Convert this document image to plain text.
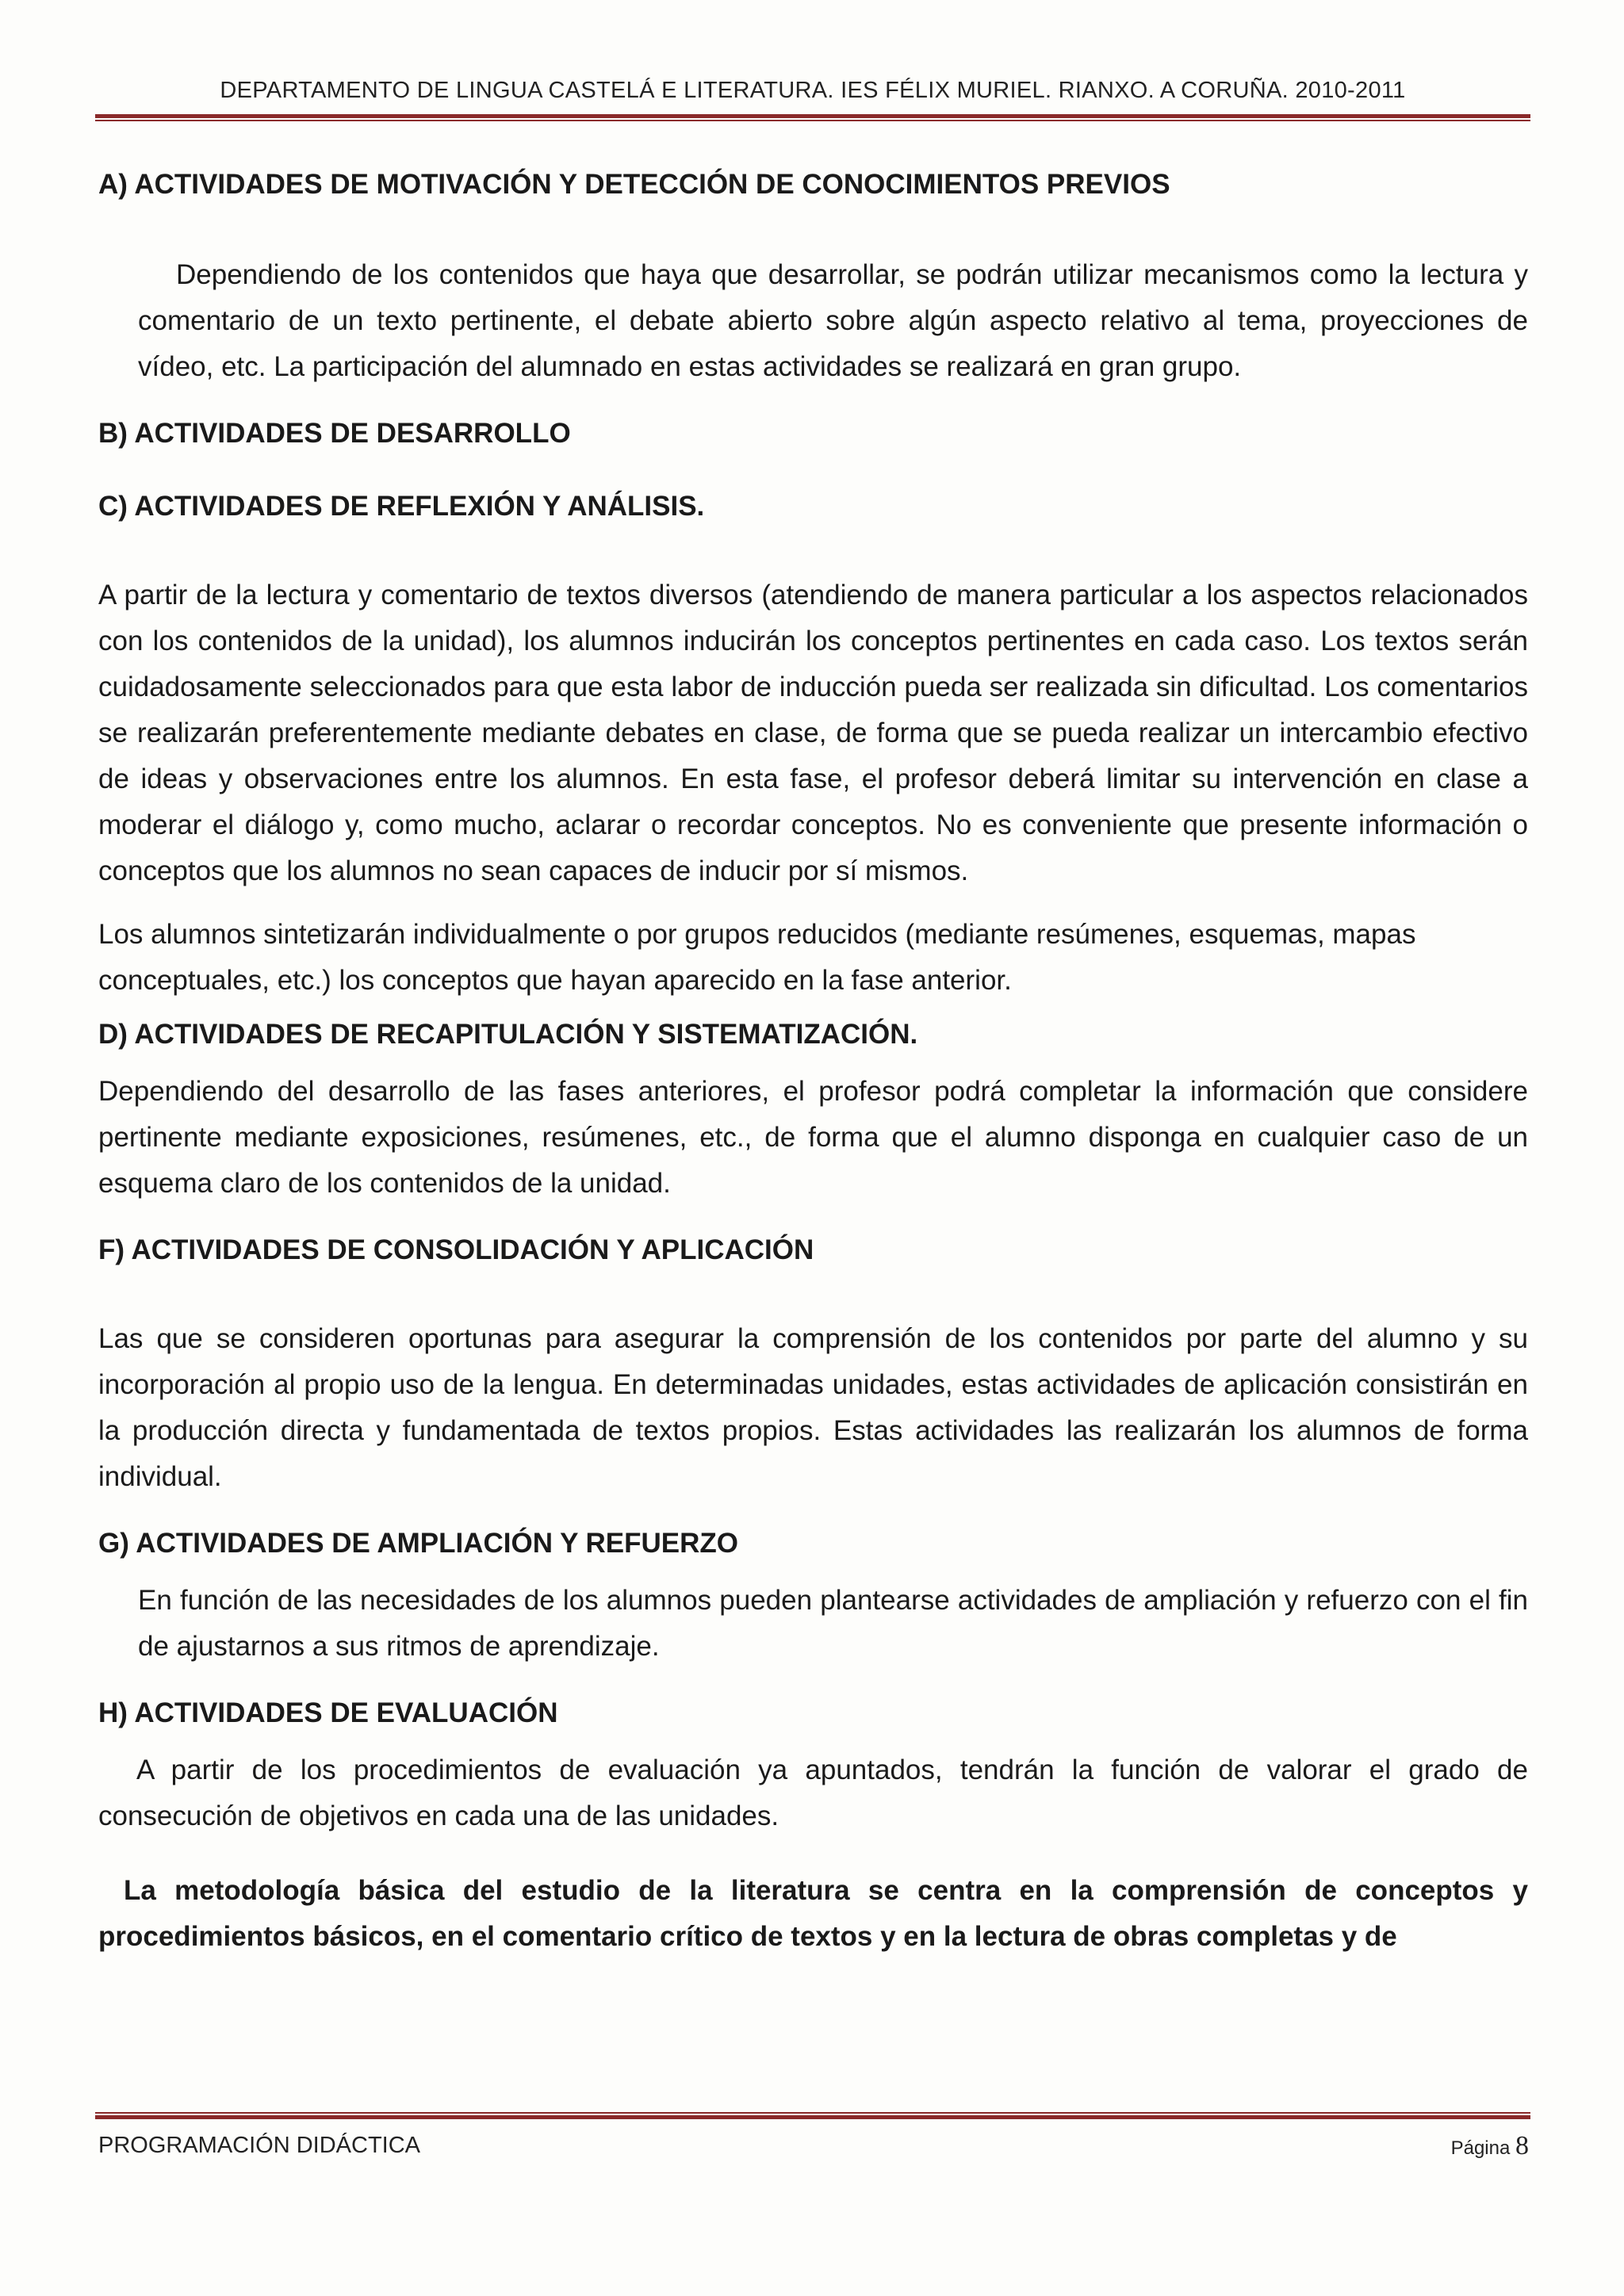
DEPARTAMENTO DE LINGUA CASTELÁ E LITERATURA. IES FÉLIX MURIEL. RIANXO. A CORUÑA. 2010-2011
A) ACTIVIDADES DE MOTIVACIÓN Y DETECCIÓN DE CONOCIMIENTOS PREVIOS

Dependiendo de los contenidos que haya que desarrollar, se podrán utilizar mecanismos como la lectura y comentario de un texto pertinente, el debate abierto sobre algún aspecto relativo al tema, proyecciones de vídeo, etc. La participación del alumnado en estas actividades se realizará en gran grupo.

B) ACTIVIDADES DE DESARROLLO
C) ACTIVIDADES DE REFLEXIÓN Y ANÁLISIS.

A partir de la lectura y comentario de textos diversos (atendiendo de manera particular a los aspectos relacionados con los contenidos de la unidad), los alumnos inducirán los conceptos pertinentes en cada caso. Los textos serán cuidadosamente seleccionados para que esta labor de inducción pueda ser realizada sin dificultad. Los comentarios se realizarán preferentemente mediante debates en clase, de forma que se pueda realizar un intercambio efectivo de ideas y observaciones entre los alumnos. En esta fase, el profesor deberá limitar su intervención en clase a moderar el diálogo y, como mucho, aclarar o recordar conceptos. No es conveniente que presente información o conceptos que los alumnos no sean capaces de inducir por sí mismos.

Los alumnos sintetizarán individualmente o por grupos reducidos (mediante resúmenes, esquemas, mapas conceptuales, etc.) los conceptos que hayan aparecido en la fase anterior.

D) ACTIVIDADES DE RECAPITULACIÓN Y SISTEMATIZACIÓN.

Dependiendo del desarrollo de las fases anteriores, el profesor podrá completar la información que considere pertinente mediante exposiciones, resúmenes, etc., de forma que el alumno disponga en cualquier caso de un esquema claro de los contenidos de la unidad.

F) ACTIVIDADES DE CONSOLIDACIÓN Y APLICACIÓN

Las que se consideren oportunas para asegurar la comprensión de los contenidos por parte del alumno y su incorporación al propio uso de la lengua. En determinadas unidades, estas actividades de aplicación consistirán en la producción directa y fundamentada de textos propios. Estas actividades las realizarán los alumnos de forma individual.

G) ACTIVIDADES DE AMPLIACIÓN Y REFUERZO

En función de las necesidades de los alumnos pueden plantearse actividades de ampliación y refuerzo con el fin de ajustarnos a sus ritmos de aprendizaje.

H) ACTIVIDADES DE EVALUACIÓN

A partir de los procedimientos de evaluación ya apuntados, tendrán la función de valorar el grado de consecución de objetivos en cada una de las unidades.

La metodología básica del estudio de la literatura se centra en la comprensión de conceptos y procedimientos básicos, en el comentario crítico de textos y en la lectura de obras completas y de

PROGRAMACIÓN DIDÁCTICA	Página 8
